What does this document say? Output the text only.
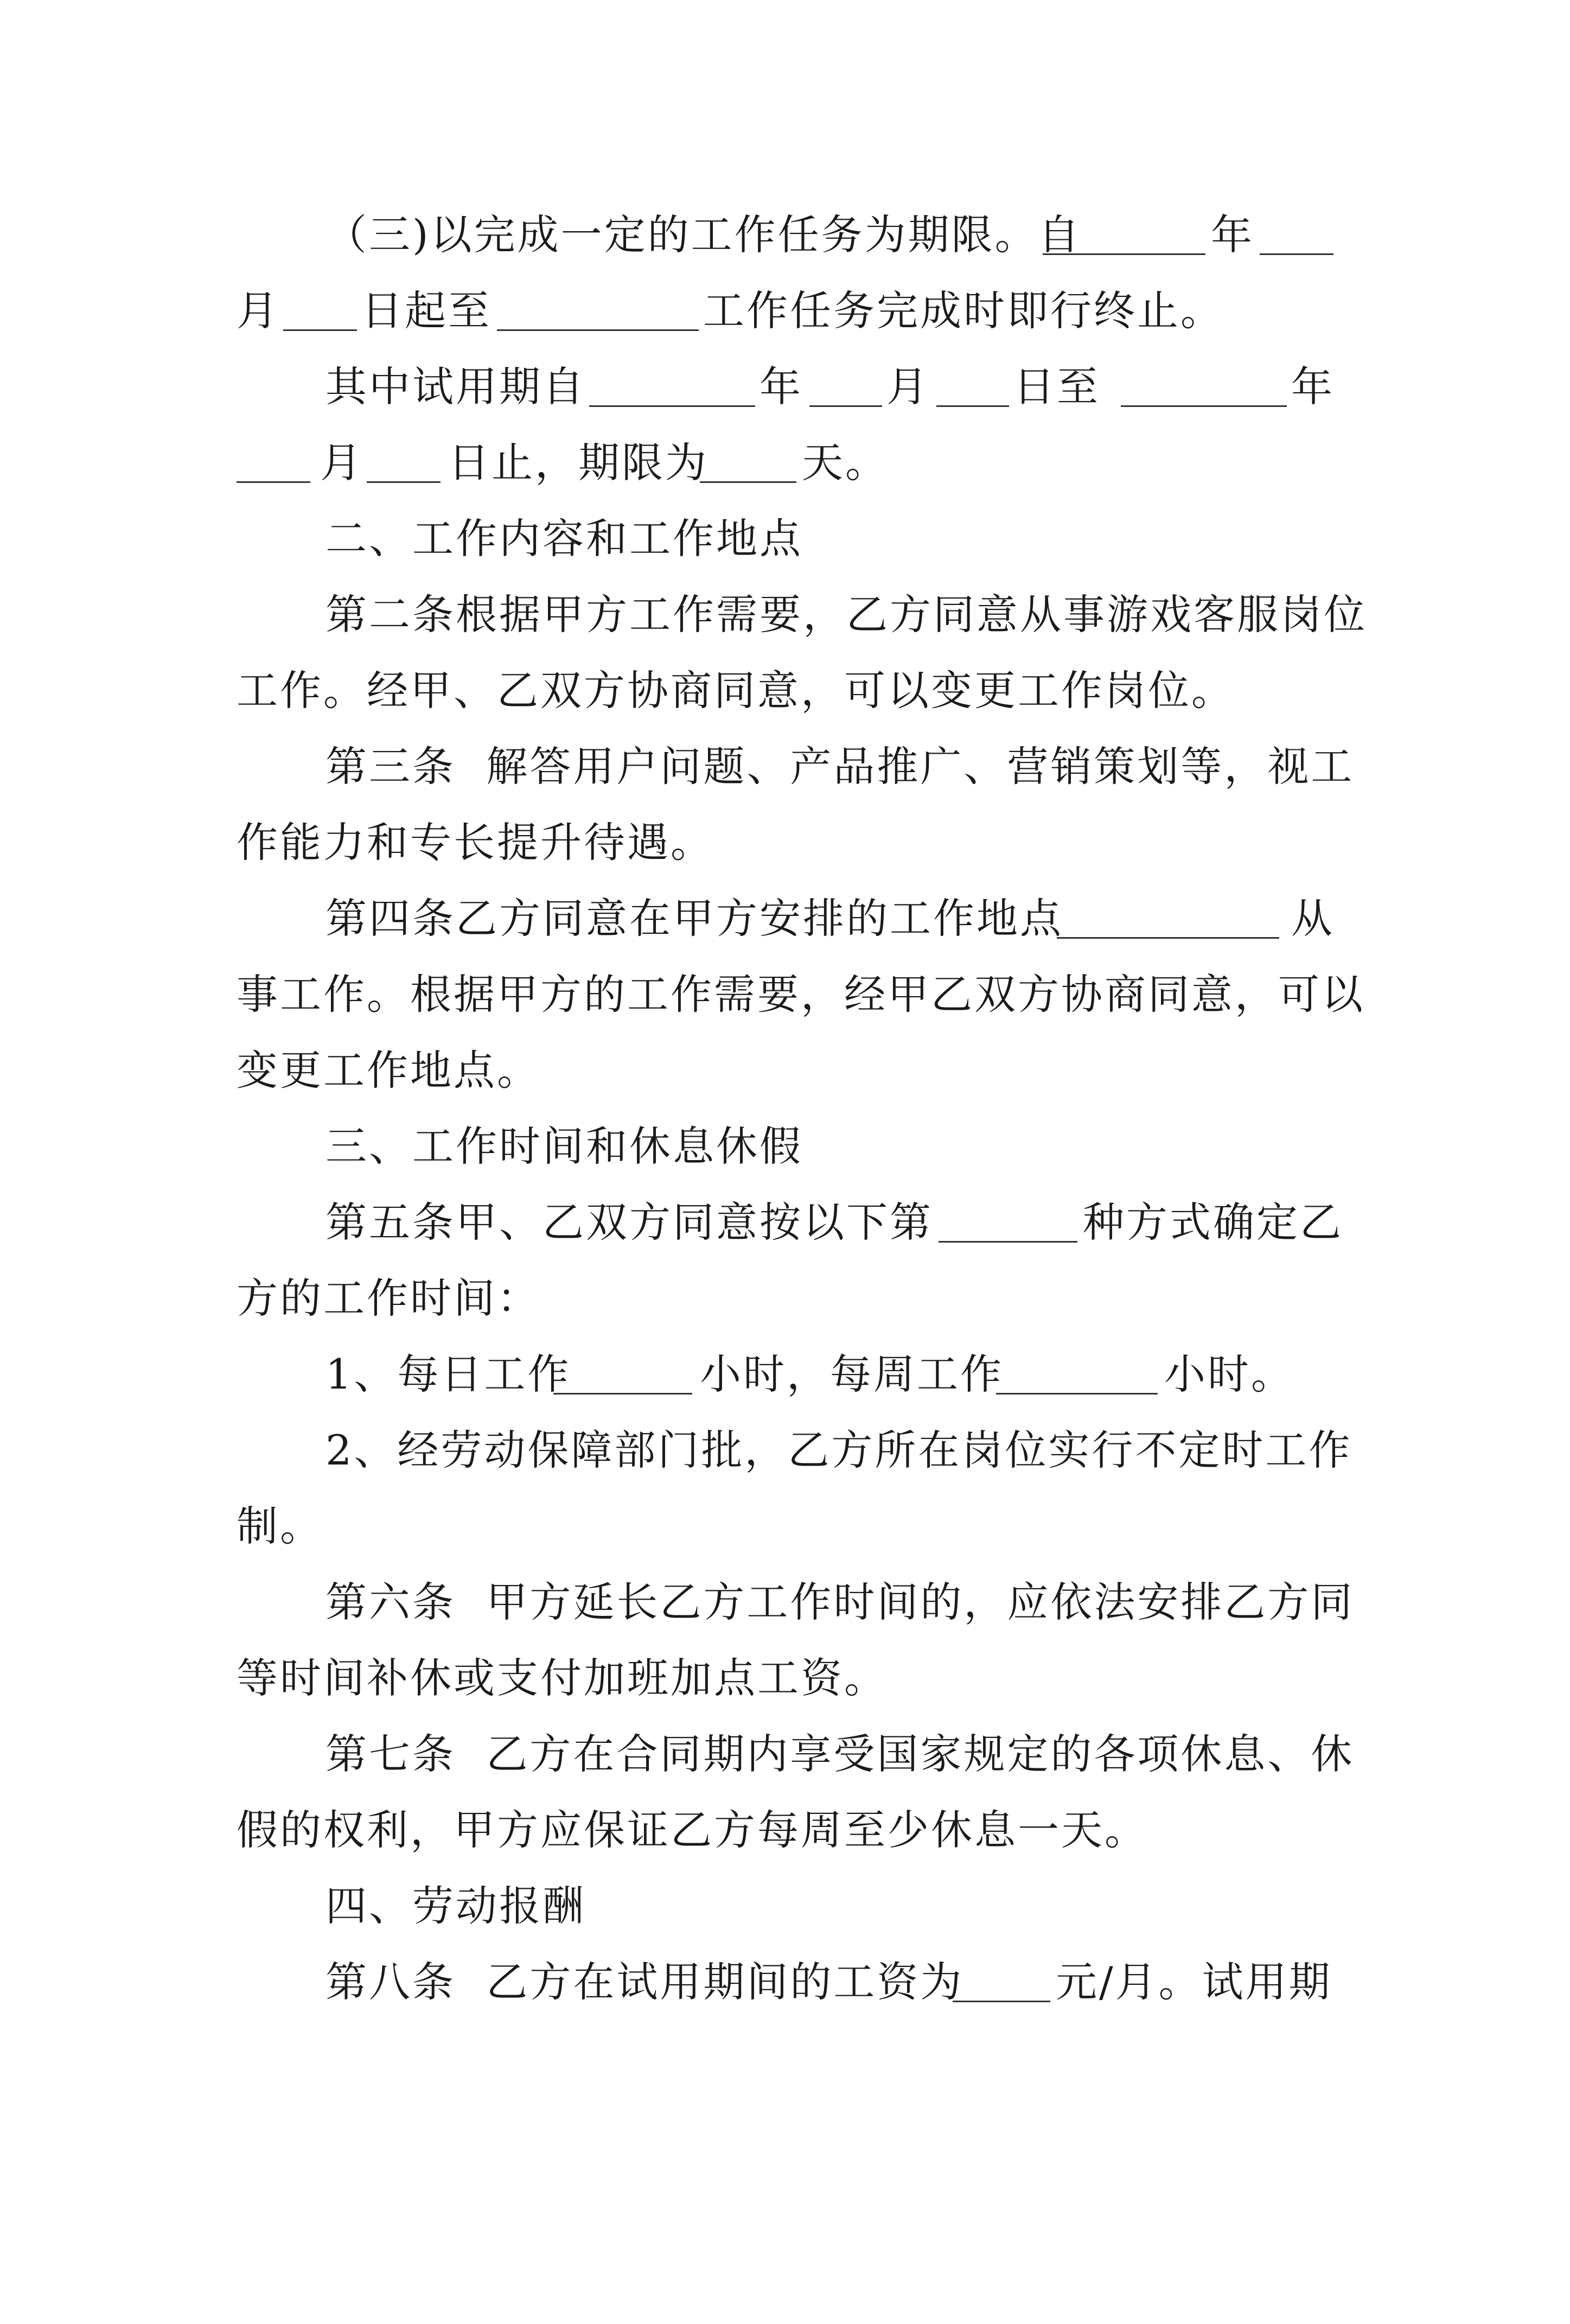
（三)以完成一定的工作任务为期限。自

	年

月

日起至

	工作任务完成时即行终止。

其中试用期自

	年

月

日至

	年

月

日止，期限为

天。

二、工作内容和工作地点

第二条根据甲方工作需要，乙方同意从事游戏客服岗位

工作。经甲、乙双方协商同意，可以变更工作岗位。

第三条  解答用户问题、产品推广、营销策划等，视工

作能力和专长提升待遇。

第四条乙方同意在甲方安排的工作地点

	从

事工作。根据甲方的工作需要，经甲乙双方协商同意，可以

变更工作地点。

三、工作时间和休息休假

第五条甲、乙双方同意按以下第

	种方式确定乙

方的工作时间：

1、每日工作

	小时，每周工作

	小时。

2、经劳动保障部门批，乙方所在岗位实行不定时工作

制。

第六条  甲方延长乙方工作时间的，应依法安排乙方同

等时间补休或支付加班加点工资。

第七条  乙方在合同期内享受国家规定的各项休息、休

假的权利，甲方应保证乙方每周至少休息一天。

四、劳动报酬

第八条  乙方在试用期间的工资为

元/月。试用期
